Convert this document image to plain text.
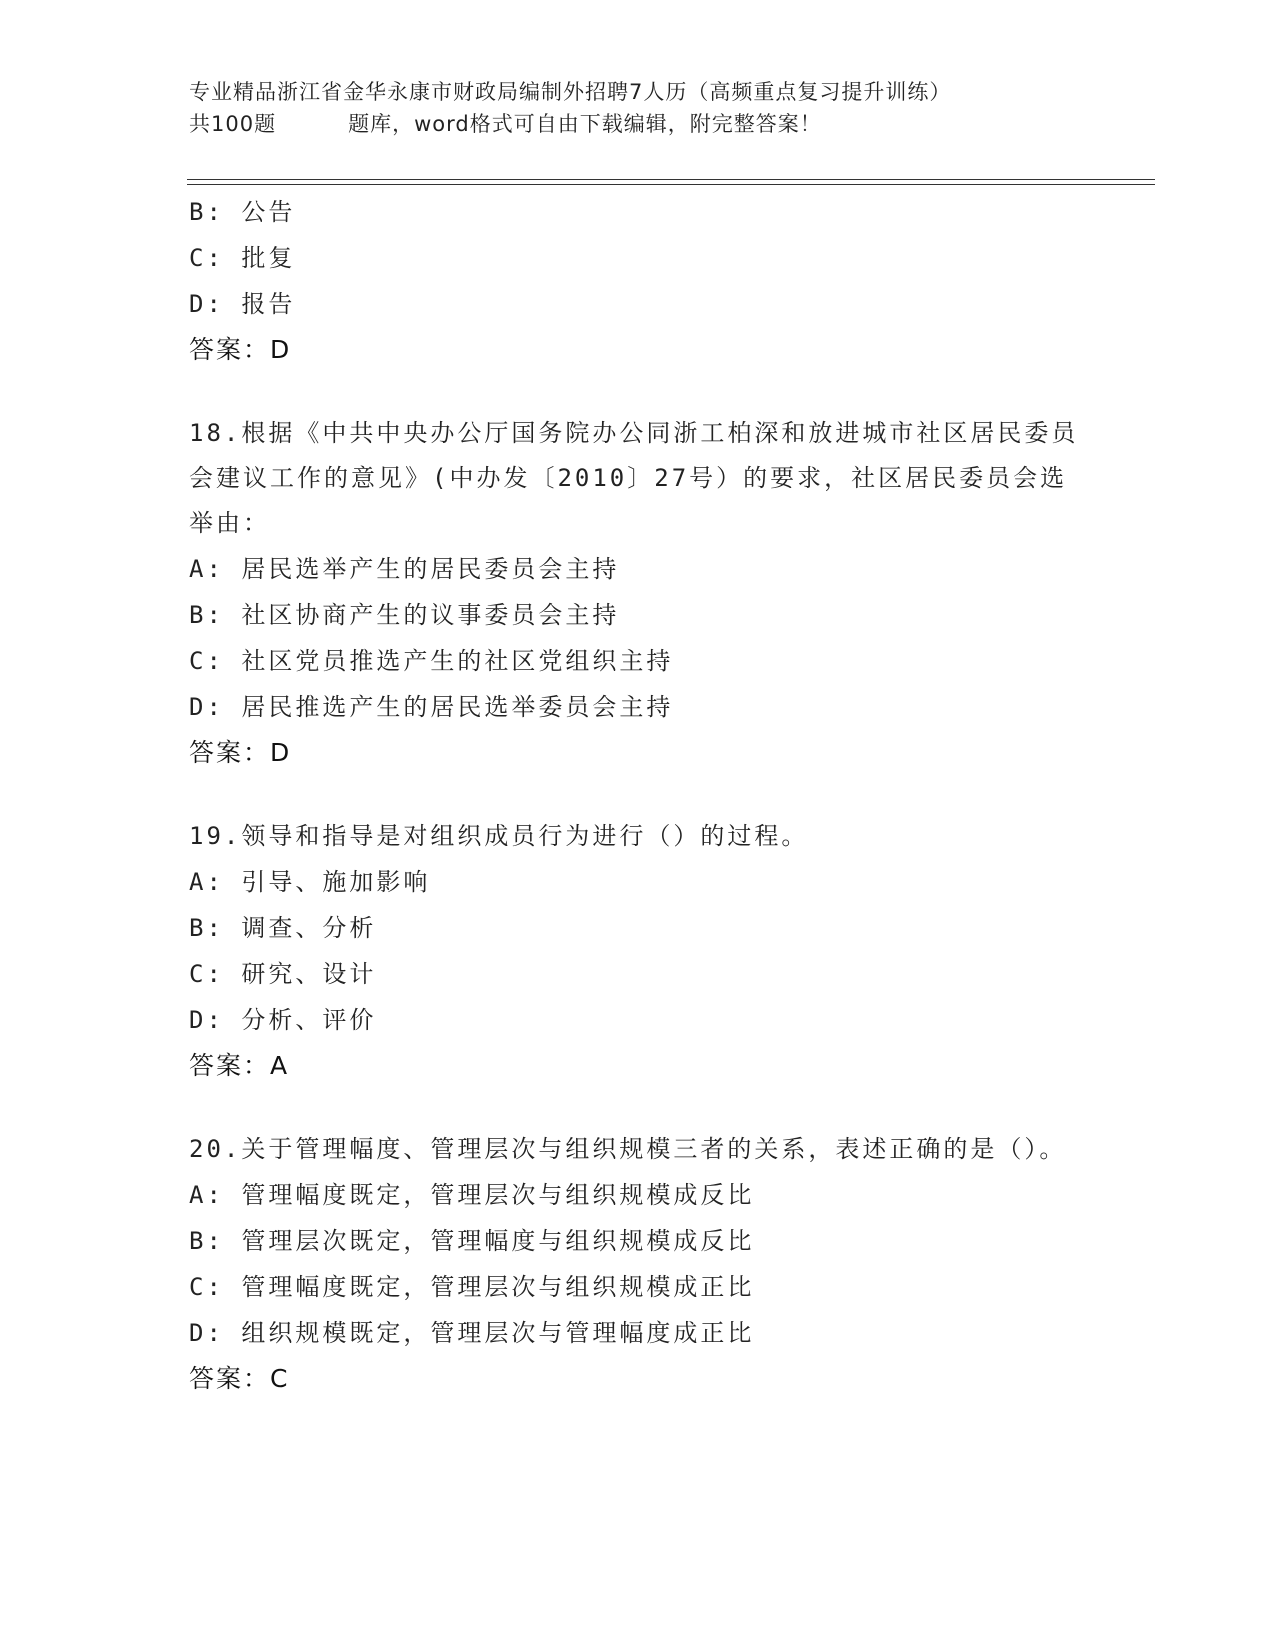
专业精品浙江省金华永康市财政局编制外招聘7人历（高频重点复习提升训练）
共100题	题库，word格式可自由下载编辑，附完整答案！
B: 公告
C: 批复
D: 报告
答案：D
18.根据《中共中央办公厅国务院办公同浙工柏深和放进城市社区居民委员会建议工作的意见》(中办发〔2010〕27号）的要求，社区居民委员会选举由：
A: 居民选举产生的居民委员会主持
B: 社区协商产生的议事委员会主持
C: 社区党员推选产生的社区党组织主持
D: 居民推选产生的居民选举委员会主持
答案：D
19.领导和指导是对组织成员行为进行（）的过程。
A: 引导、施加影响
B: 调查、分析
C: 研究、设计
D: 分析、评价
答案：A
20.关于管理幅度、管理层次与组织规模三者的关系，表述正确的是（）。
A: 管理幅度既定，管理层次与组织规模成反比
B: 管理层次既定，管理幅度与组织规模成反比
C: 管理幅度既定，管理层次与组织规模成正比
D: 组织规模既定，管理层次与管理幅度成正比
答案：C
